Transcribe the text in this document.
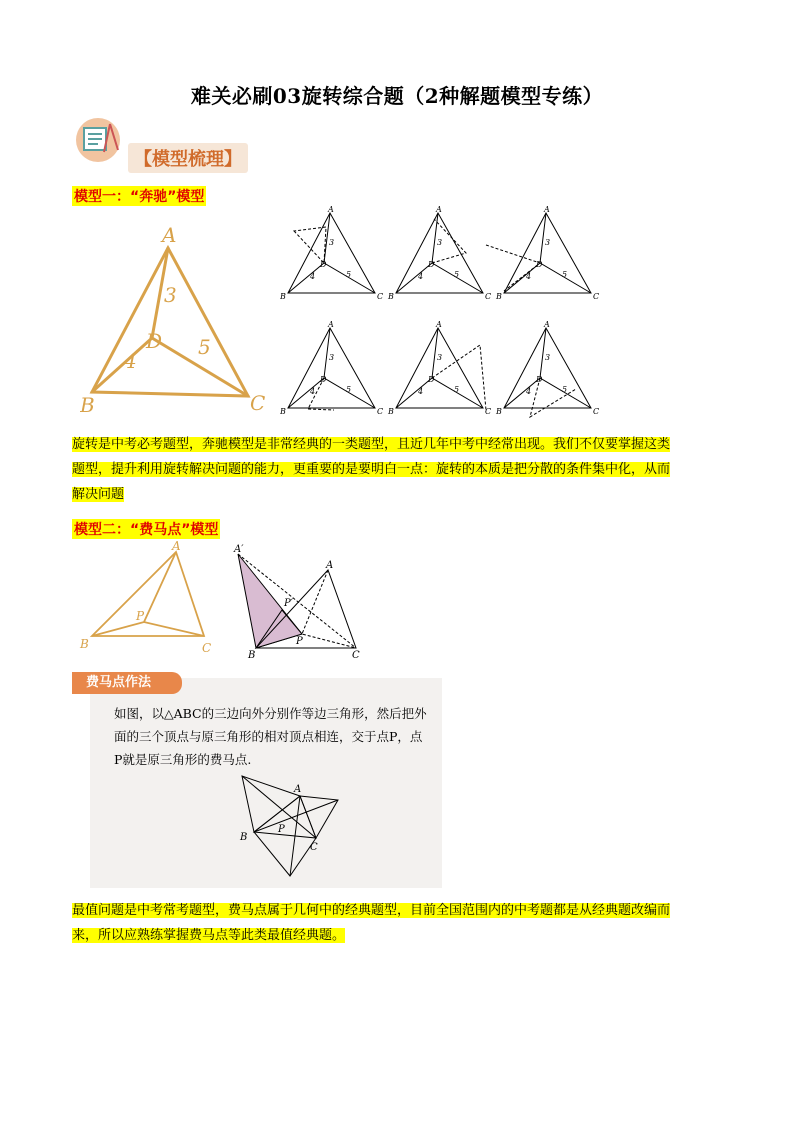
难关必刷03旋转综合题（2种解题模型专练）
【模型梳理】
模型一：“奔驰”模型
A
B	C
D
3
4
5
旋转是中考必考题型，奔驰模型是非常经典的一类题型，且近几年中考中经常出现。我们不仅要掌握这类
题型，提升利用旋转解决问题的能力，更重要的是要明白一点：旋转的本质是把分散的条件集中化，从而
解决问题
模型二：“费马点”模型
A
B	C
P
A′
A
B	C
P
P′
费马点作法
如图，以△ABC的三边向外分别作等边三角形，然后把外
面的三个顶点与原三角形的相对顶点相连，交于点P，点
P就是原三角形的费马点.
A
B
C
P
最值问题是中考常考题型，费马点属于几何中的经典题型，目前全国范围内的中考题都是从经典题改编而
来，所以应熟练掌握费马点等此类最值经典题。
